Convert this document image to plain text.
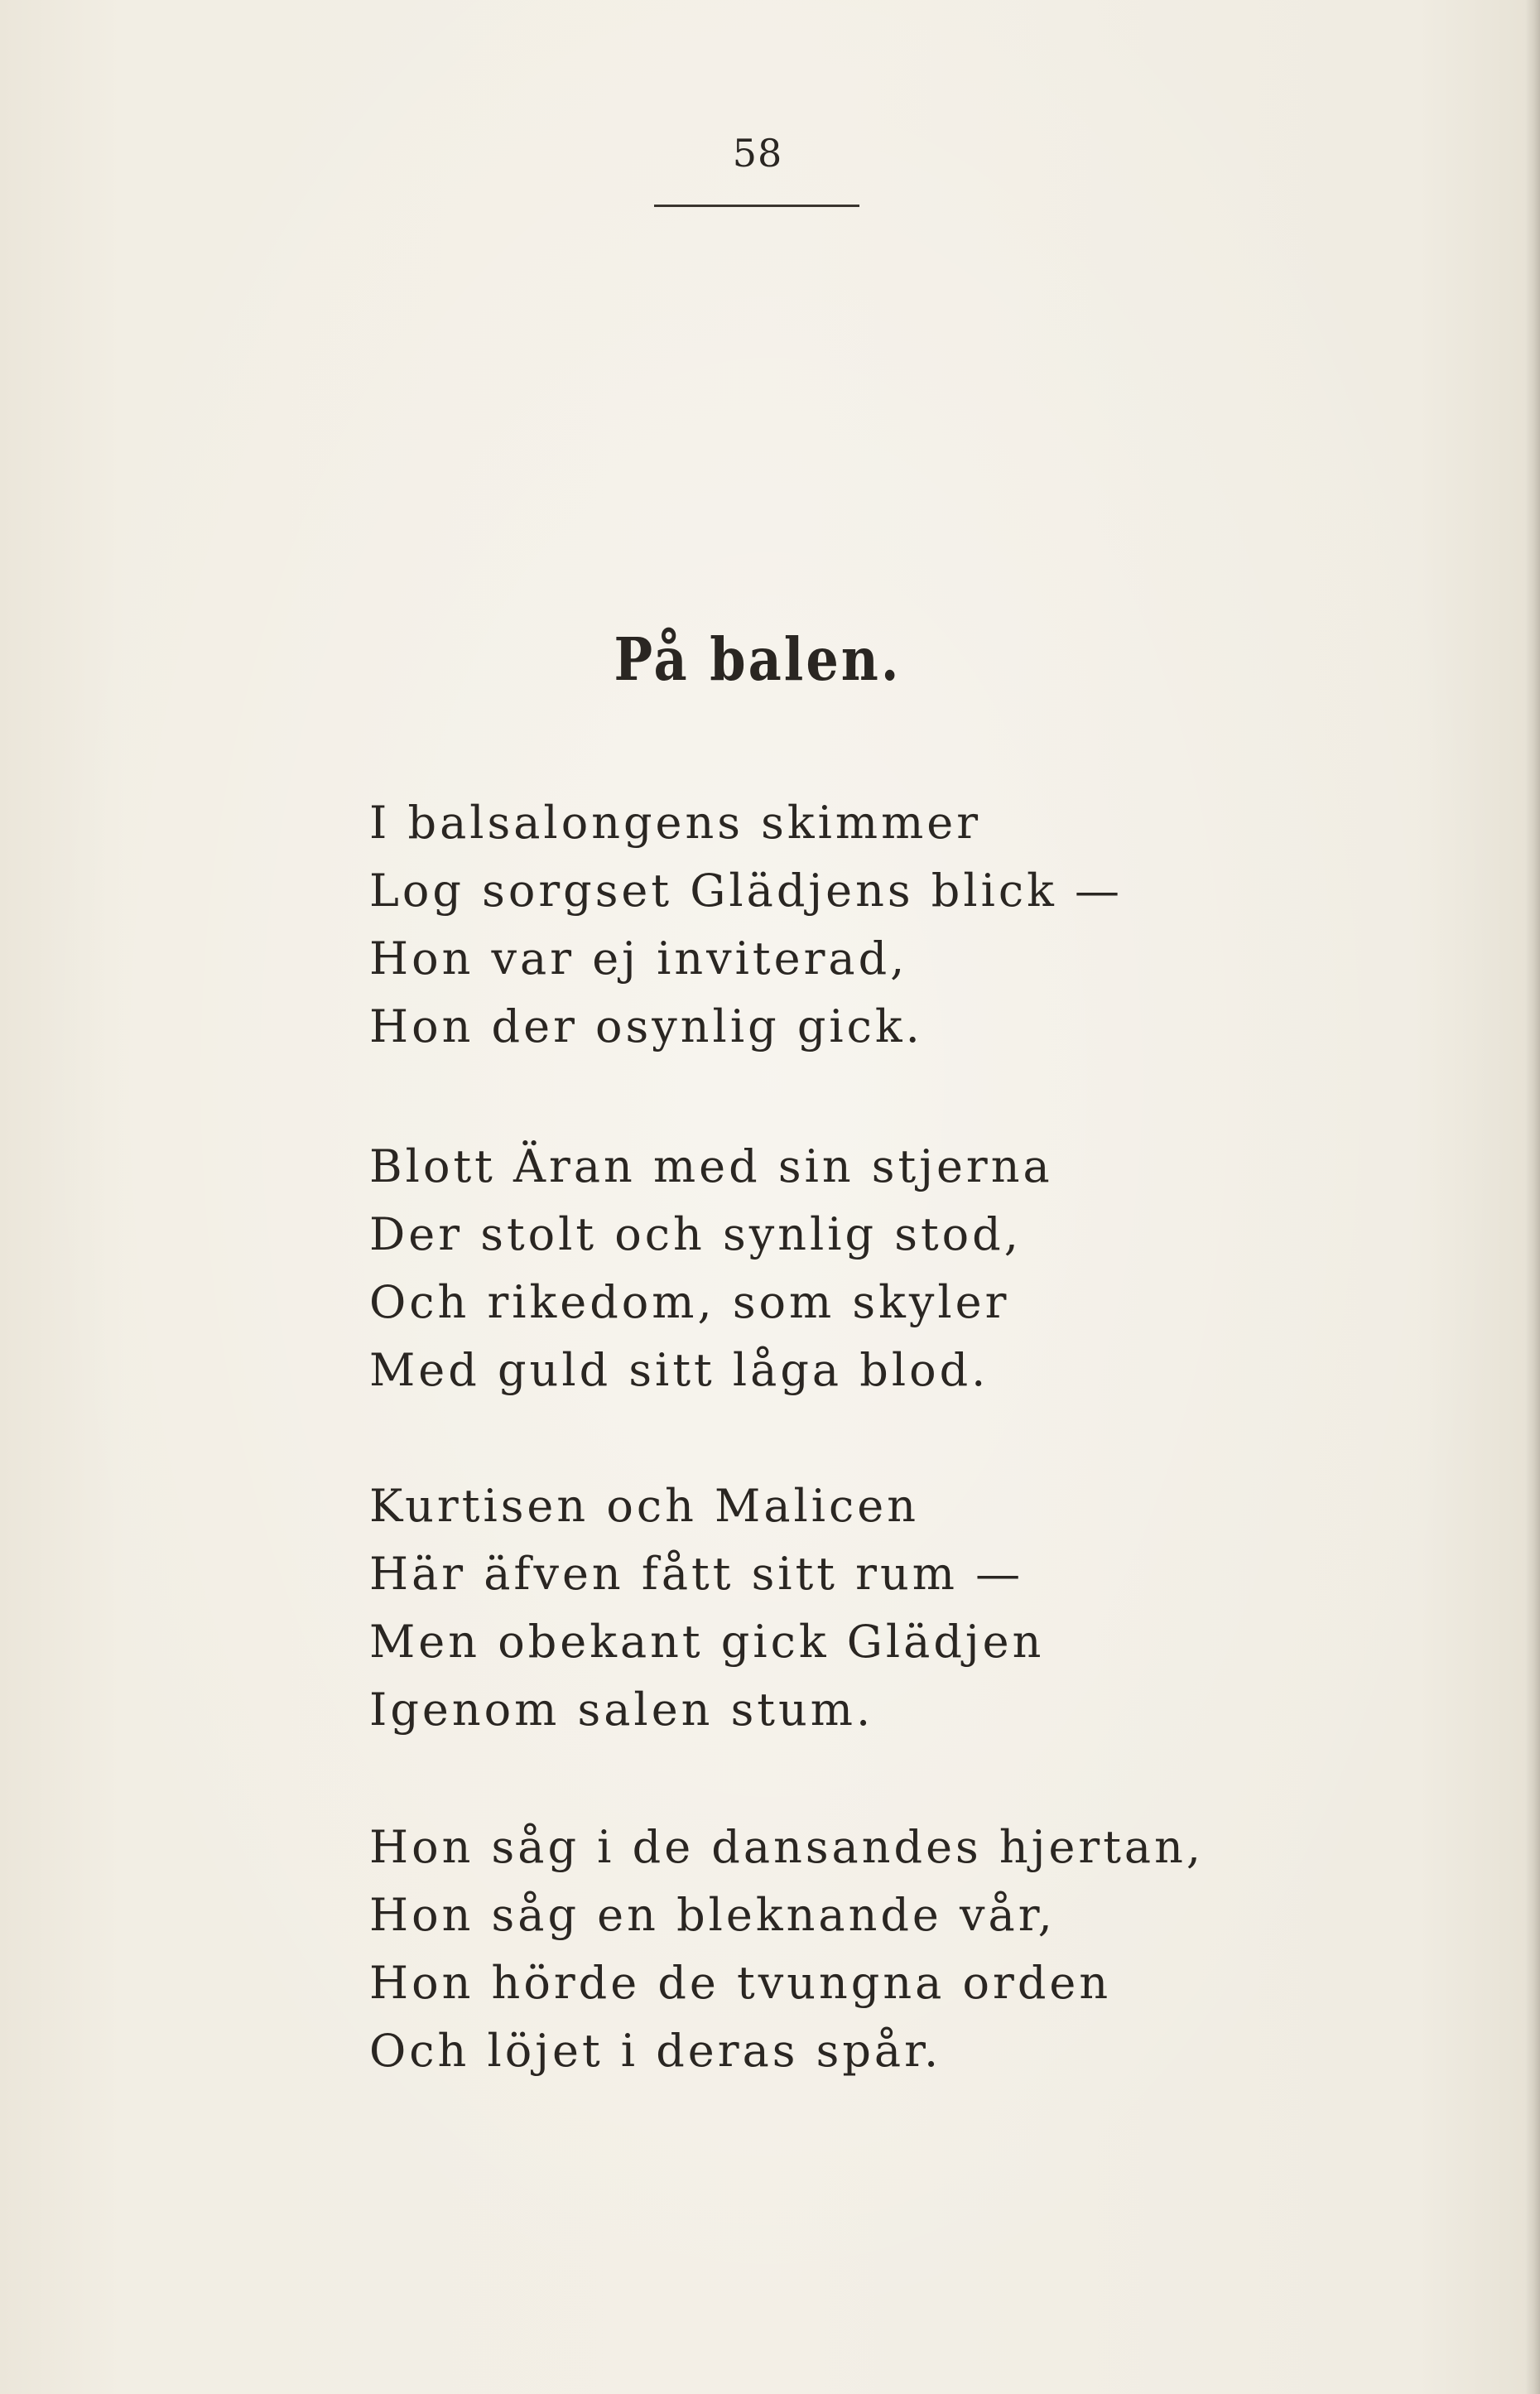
58
På balen.
I balsalongens skimmer
Log sorgset Glädjens blick —
Hon var ej inviterad,
Hon der osynlig gick.
Blott Äran med sin stjerna
Der stolt och synlig stod,
Och rikedom, som skyler
Med guld sitt låga blod.
Kurtisen och Malicen
Här äfven fått sitt rum —
Men obekant gick Glädjen
Igenom salen stum.
Hon såg i de dansandes hjertan,
Hon såg en bleknande vår,
Hon hörde de tvungna orden
Och löjet i deras spår.
